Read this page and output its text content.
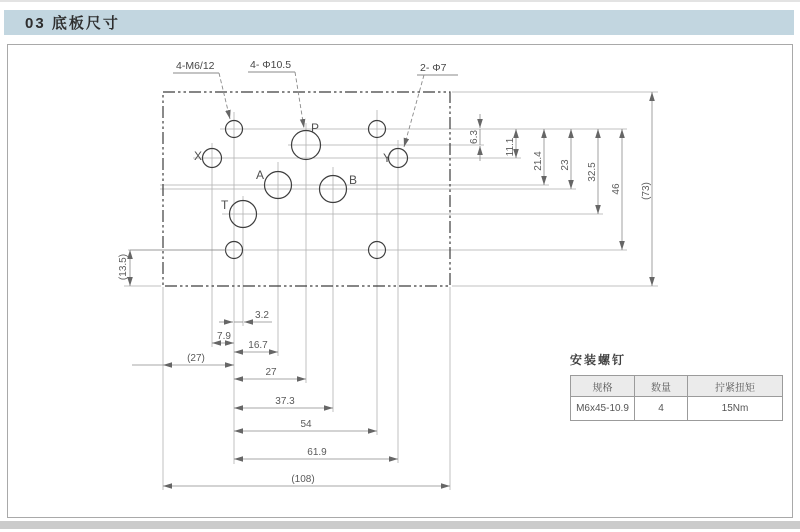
03 底板尺寸
6.3
11.1
21.4 23 32.5
46 (73)
(13.5)
3.2
7.9
16.7
(27)
27
37.3
54
61.9
(108)
4-M6/12	4- Φ10.5	2- Φ7
P
X	Y
A	B
T
安装螺钉
规格	数量	拧紧扭矩
M6x45-10.9	4	15Nm
